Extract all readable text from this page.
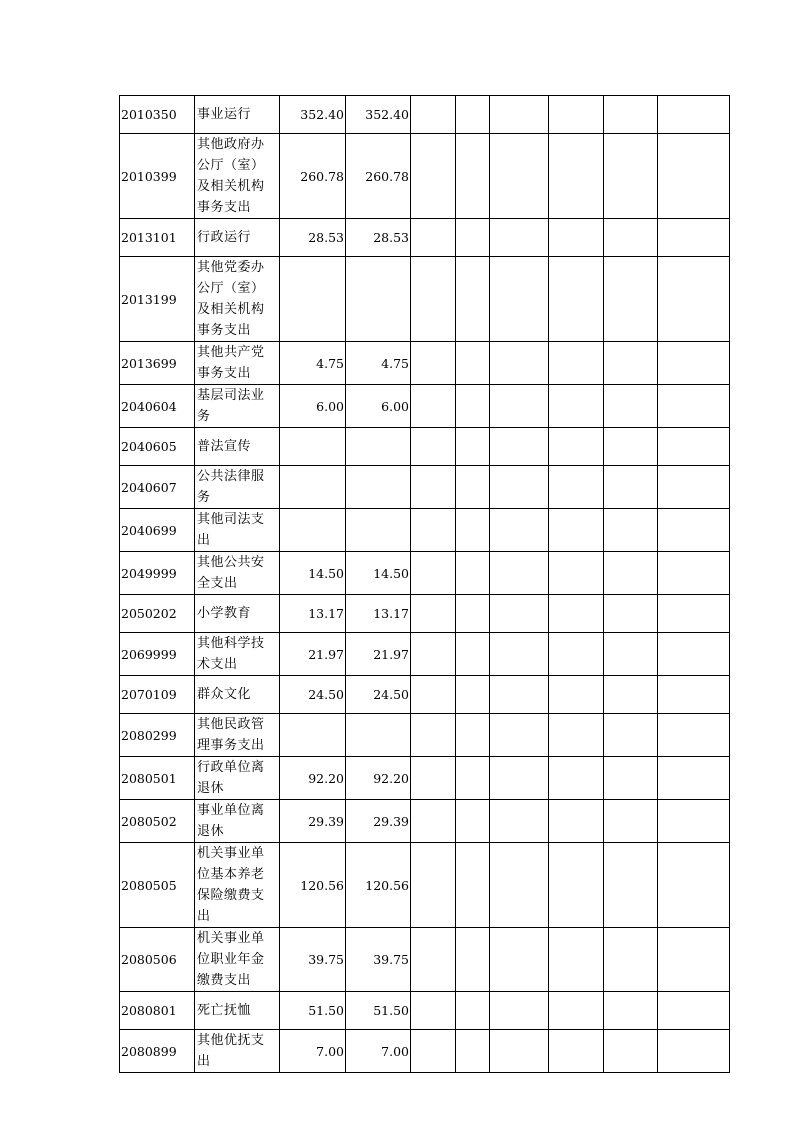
2010350	事业运行	352.40	352.40						
2010399	其他政府办公厅（室）及相关机构事务支出	260.78	260.78						
2013101	行政运行	28.53	28.53						
2013199	其他党委办公厅（室）及相关机构事务支出								
2013699	其他共产党事务支出	4.75	4.75						
2040604	基层司法业务	6.00	6.00						
2040605	普法宣传								
2040607	公共法律服务								
2040699	其他司法支出								
2049999	其他公共安全支出	14.50	14.50						
2050202	小学教育	13.17	13.17						
2069999	其他科学技术支出	21.97	21.97						
2070109	群众文化	24.50	24.50						
2080299	其他民政管理事务支出								
2080501	行政单位离退休	92.20	92.20						
2080502	事业单位离退休	29.39	29.39						
2080505	机关事业单位基本养老保险缴费支出	120.56	120.56						
2080506	机关事业单位职业年金缴费支出	39.75	39.75						
2080801	死亡抚恤	51.50	51.50						
2080899	其他优抚支出	7.00	7.00						
